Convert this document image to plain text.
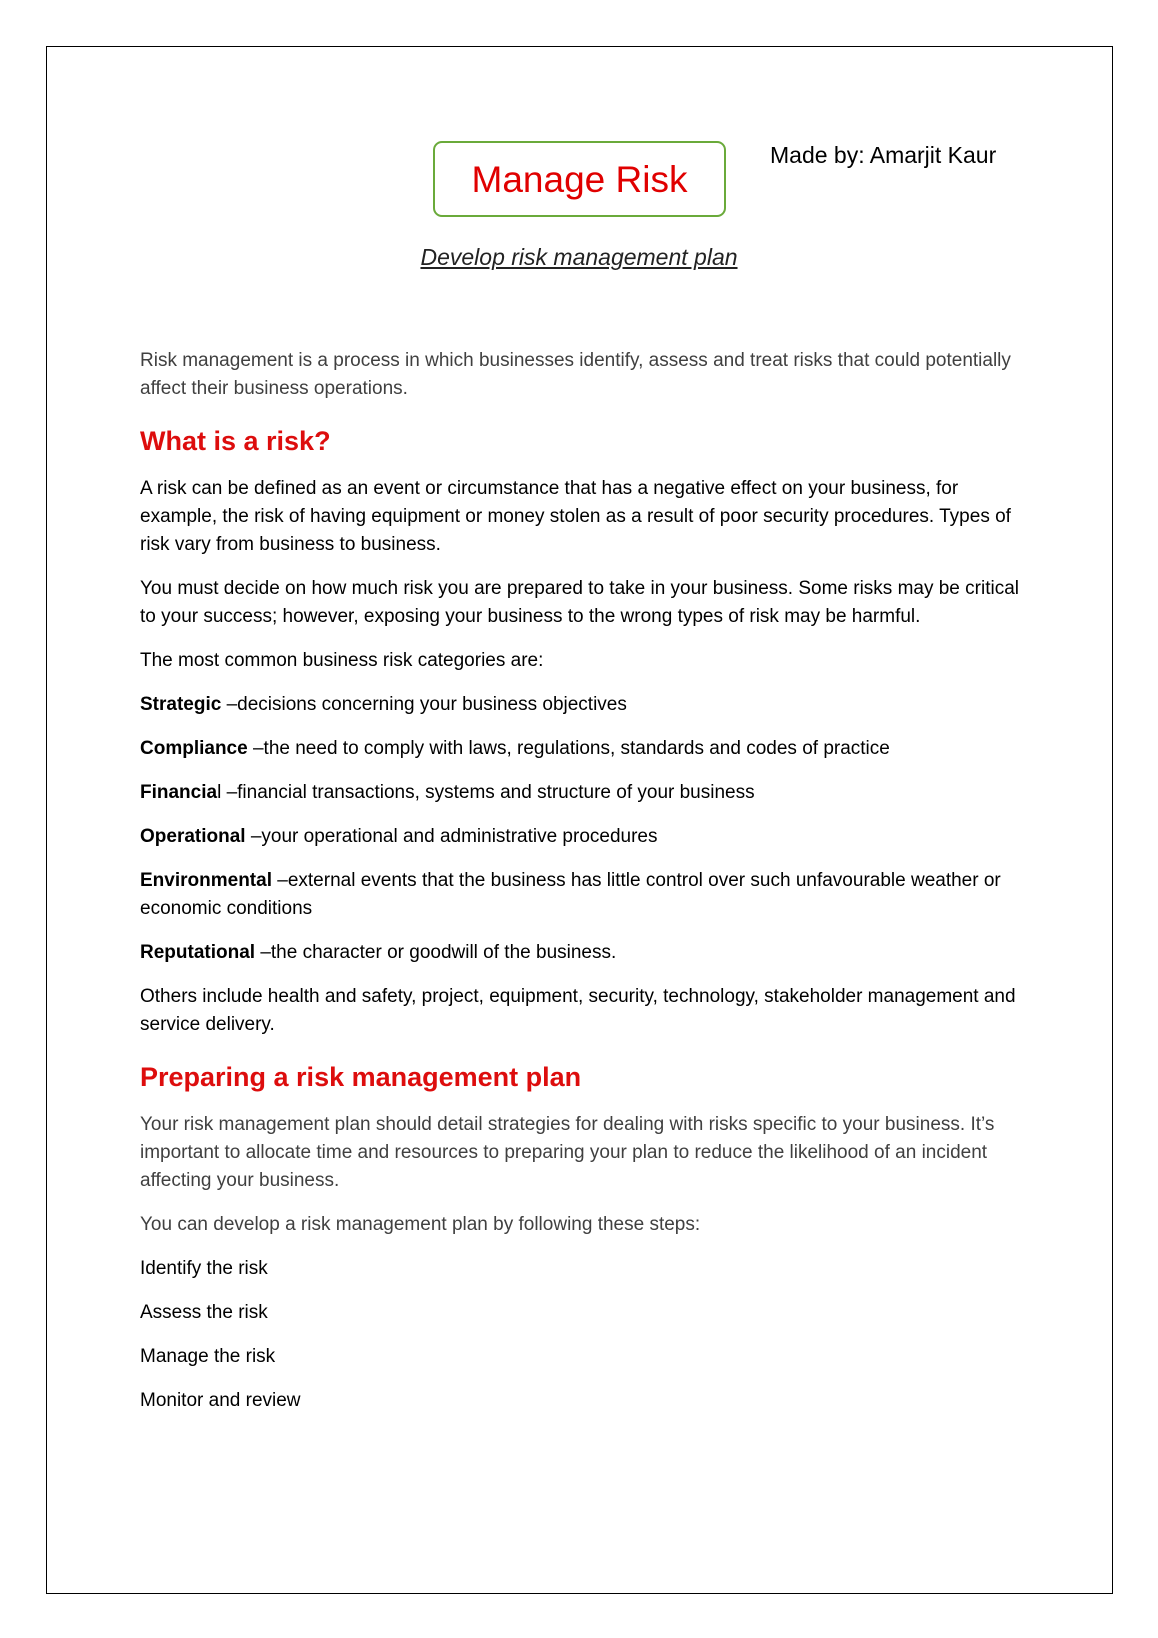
Manage Risk
Made by: Amarjit Kaur
Develop risk management plan

Risk management is a process in which businesses identify, assess and treat risks that could potentially affect their business operations.

What is a risk?

A risk can be defined as an event or circumstance that has a negative effect on your business, for example, the risk of having equipment or money stolen as a result of poor security procedures. Types of risk vary from business to business.

You must decide on how much risk you are prepared to take in your business. Some risks may be critical to your success; however, exposing your business to the wrong types of risk may be harmful.

The most common business risk categories are:

Strategic –decisions concerning your business objectives

Compliance –the need to comply with laws, regulations, standards and codes of practice

Financial –financial transactions, systems and structure of your business

Operational –your operational and administrative procedures

Environmental –external events that the business has little control over such unfavourable weather or economic conditions

Reputational –the character or goodwill of the business.

Others include health and safety, project, equipment, security, technology, stakeholder management and service delivery.

Preparing a risk management plan

Your risk management plan should detail strategies for dealing with risks specific to your business. It’s important to allocate time and resources to preparing your plan to reduce the likelihood of an incident affecting your business.

You can develop a risk management plan by following these steps:

Identify the risk

Assess the risk

Manage the risk

Monitor and review
